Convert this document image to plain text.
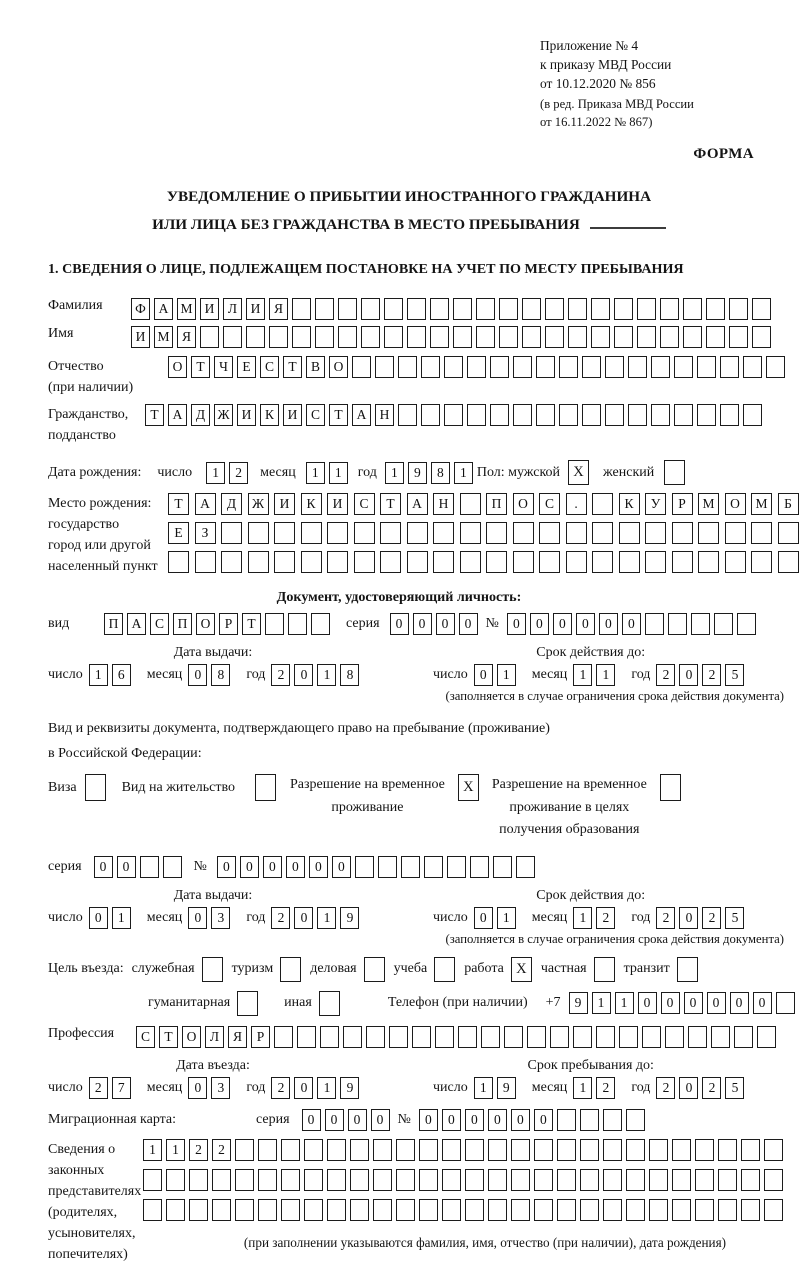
Приложение № 4
к приказу МВД России
от 10.12.2020 № 856
(в ред. Приказа МВД России
от 16.11.2022 № 867)
ФОРМА
УВЕДОМЛЕНИЕ О ПРИБЫТИИ ИНОСТРАННОГО ГРАЖДАНИНА
ИЛИ ЛИЦА БЕЗ ГРАЖДАНСТВА В МЕСТО ПРЕБЫВАНИЯ
1. СВЕДЕНИЯ О ЛИЦЕ, ПОДЛЕЖАЩЕМ ПОСТАНОВКЕ НА УЧЕТ ПО МЕСТУ ПРЕБЫВАНИЯ
Фамилия	Ф А М И	Л	И	Я
Имя	И М Я
Отчество
(при наличии)
О	Т	Ч	Е	С	Т	В	О
Гражданство,
подданство
Т	А	Д Ж И	К	И	С	Т	А Н
Дата рождения: число	1	2	месяц	1	1	год	1	9	8	1 Пол: мужской X	женский
Место рождения:
государство
город или другой
населенный пункт
Т	А	Д	Ж	И	К	И	С	Т	А	Н	П	О	С	.	К	У	Р	М	О	М	Б
Е	З
Документ, удостоверяющий личность:
вид	П А	С	П О	Р	Т	серия	0	0	0	0	№	0	0	0	0	0	0
Дата выдачи:
число 1	6	месяц 0	8	год 2	0	1	8
Срок действия до:
число 0	1	месяц 1	1	год 2	0	2	5
(заполняется в случае ограничения срока действия документа)
Вид и реквизиты документа, подтверждающего право на пребывание (проживание)
в Российской Федерации:
Виза	Вид на жительство	Разрешение на временное
проживание
X	Разрешение на временное
проживание в целях
получения образования
серия	0	0	№	0	0	0	0	0	0
Дата выдачи:
число 0	1	месяц 0	3	год 2	0	1	9
Срок действия до:
число 0	1	месяц 1	2	год 2	0	2	5
(заполняется в случае ограничения срока действия документа)
Цель въезда: служебная	туризм	деловая	учеба	работа X	частная	транзит
гуманитарная	иная	Телефон (при наличии) +7	9	1	1	0	0	0	0	0	0
Профессия	С	Т	О	Л	Я	Р
Дата въезда:
число 2	7	месяц 0	3	год 2	0	1	9
Срок пребывания до:
число 1	9	месяц 1	2	год 2	0	2	5
Миграционная карта:	серия	0	0	0	0	№	0	0	0	0	0	0
Сведения о
законных
представителях
(родителях,
усыновителях,
попечителях)
1	1	2	2
(при заполнении указываются фамилия, имя, отчество (при наличии), дата рождения)
